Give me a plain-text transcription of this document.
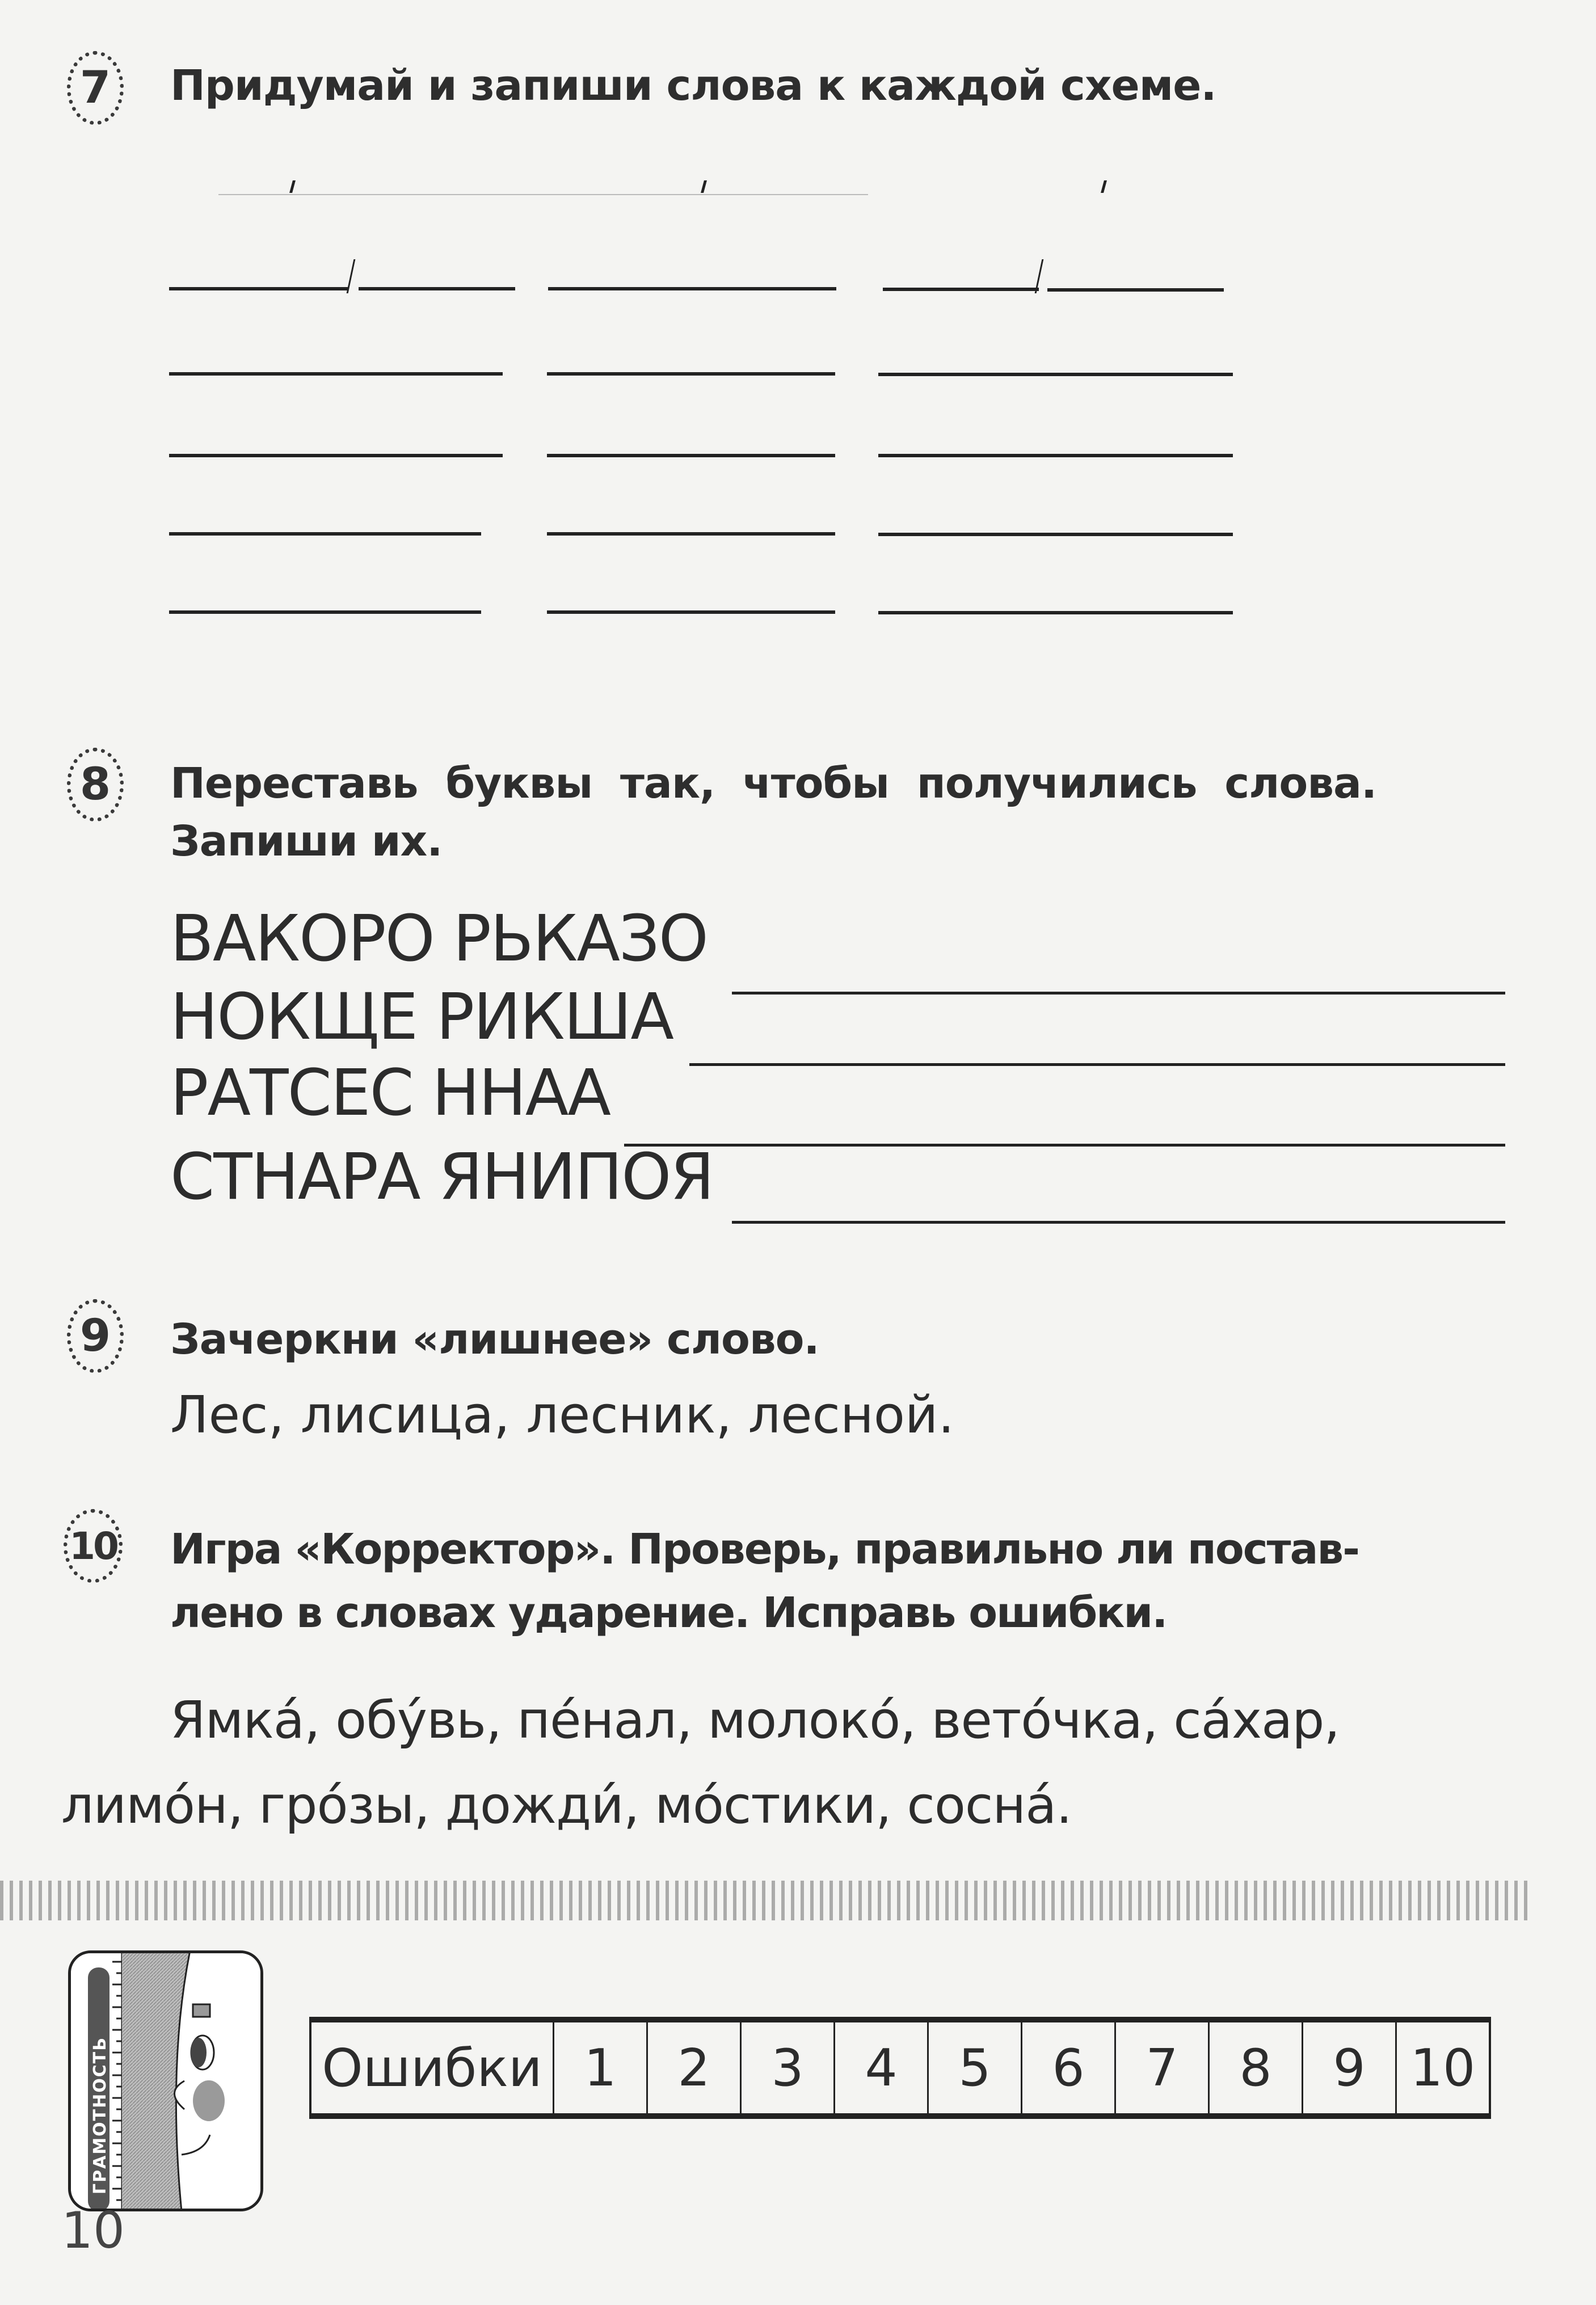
7 Придумай и запиши слова к каждой схеме.
8 Переставь буквы так, чтобы получились слова.
Запиши их.
ВАКОРО РЬКАЗО
НОКЩЕ РИКША
РАТСЕС ННАА
СТНАРА ЯНИПОЯ
9 Зачеркни «лишнее» слово.
Лес, лисица, лесник, лесной.
10 Игра «Корректор». Проверь, правильно ли постав-
лено в словах ударение. Исправь ошибки.
Ямка́, обу́вь, пе́нал, молоко́, вето́чка, са́хар,
лимо́н, гро́зы, дожди́, мо́стики, сосна́.
ГРАМОТНОСТЬ	Ошибки	1	2	3	4	5	6	7	8	9	10
10
